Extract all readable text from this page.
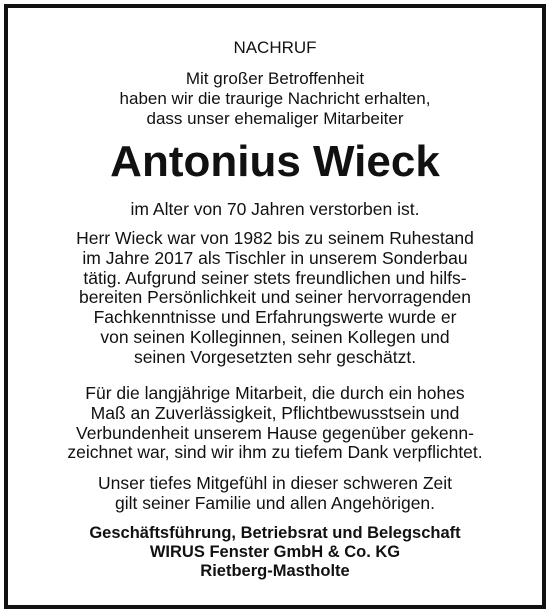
NACHRUF
Mit großer Betroffenheit
haben wir die traurige Nachricht erhalten,
dass unser ehemaliger Mitarbeiter
Antonius Wieck
im Alter von 70 Jahren verstorben ist.
Herr Wieck war von 1982 bis zu seinem Ruhestand
im Jahre 2017 als Tischler in unserem Sonderbau
tätig. Aufgrund seiner stets freundlichen und hilfs-
bereiten Persönlichkeit und seiner hervorragenden
Fachkenntnisse und Erfahrungswerte wurde er
von seinen Kolleginnen, seinen Kollegen und
seinen Vorgesetzten sehr geschätzt.
Für die langjährige Mitarbeit, die durch ein hohes
Maß an Zuverlässigkeit, Pflichtbewusstsein und
Verbundenheit unserem Hause gegenüber gekenn-
zeichnet war, sind wir ihm zu tiefem Dank verpflichtet.
Unser tiefes Mitgefühl in dieser schweren Zeit
gilt seiner Familie und allen Angehörigen.
Geschäftsführung, Betriebsrat und Belegschaft
WIRUS Fenster GmbH & Co. KG
Rietberg-Mastholte
